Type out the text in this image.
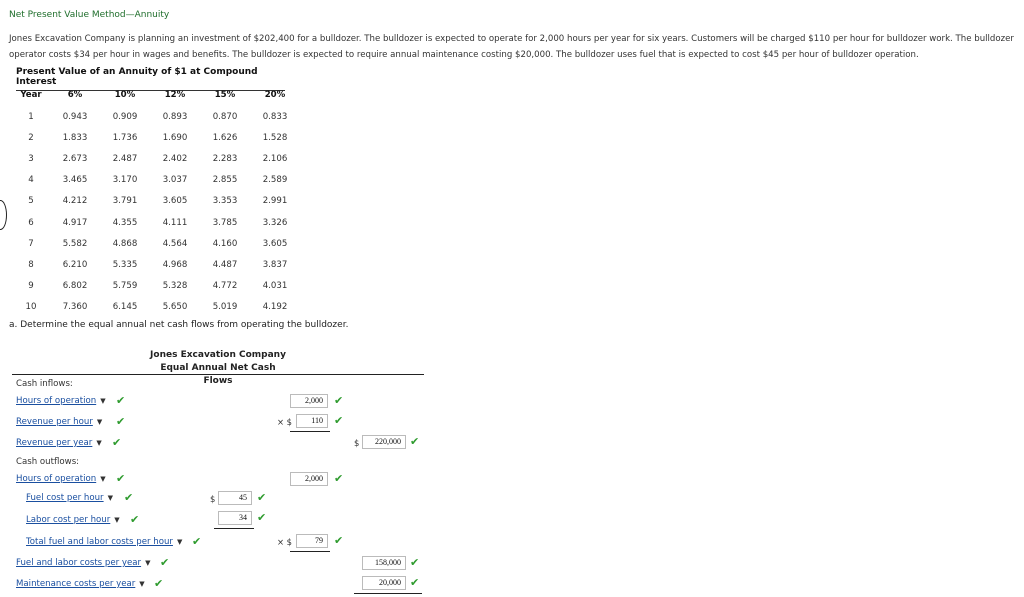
Net Present Value Method—Annuity
Jones Excavation Company is planning an investment of $202,400 for a bulldozer. The bulldozer is expected to operate for 2,000 hours per year for six years. Customers will be charged $110 per hour for bulldozer work. The bulldozer operator costs $34 per hour in wages and benefits. The bulldozer is expected to require annual maintenance costing $20,000. The bulldozer uses fuel that is expected to cost $45 per hour of bulldozer operation.
Present Value of an Annuity of $1 at Compound Interest
Year	6%	10%	12%	15%	20%
1	0.943	0.909	0.893	0.870	0.833
2	1.833	1.736	1.690	1.626	1.528
3	2.673	2.487	2.402	2.283	2.106
4	3.465	3.170	3.037	2.855	2.589
5	4.212	3.791	3.605	3.353	2.991
6	4.917	4.355	4.111	3.785	3.326
7	5.582	4.868	4.564	4.160	3.605
8	6.210	5.335	4.968	4.487	3.837
9	6.802	5.759	5.328	4.772	4.031
10	7.360	6.145	5.650	5.019	4.192
a. Determine the equal annual net cash flows from operating the bulldozer.
Jones Excavation Company
Equal Annual Net Cash Flows
Cash inflows:
Hours of operation ▼ ✔	2,000	✔
Revenue per hour ▼ ✔	× $	110	✔
Revenue per year ▼ ✔	$	220,000 ✔
Cash outflows:
Hours of operation ▼ ✔	2,000	✔
Fuel cost per hour ▼ ✔	$	45 ✔
Labor cost per hour ▼ ✔	34 ✔
Total fuel and labor costs per hour ▼ ✔	× $	79	✔
Fuel and labor costs per year ▼ ✔	158,000 ✔
Maintenance costs per year ▼ ✔	20,000 ✔
